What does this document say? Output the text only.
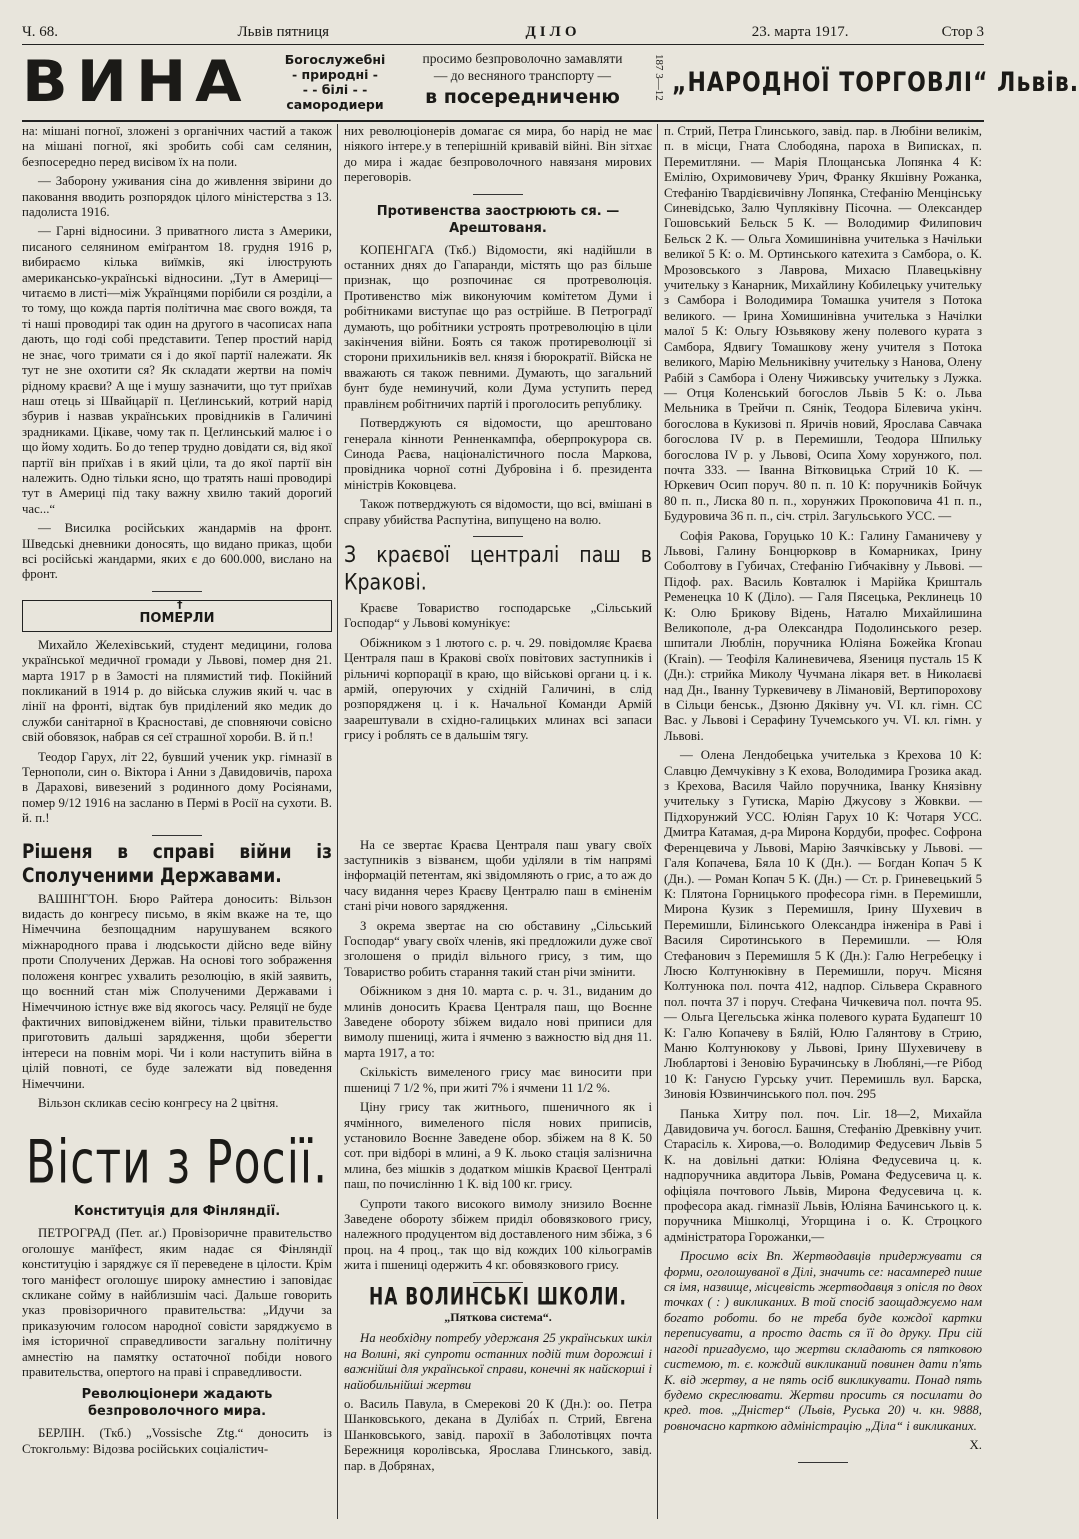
Ч. 68.	Львів пятниця	ДІЛО	23. марта 1917.	Стор 3
ВИНА	Богослужебні
- природні -
- - білі - -
самородиери
просимо безпроволочно замавляти
— до весняного транспорту —
в посередниченю	187 3—12 „НАРОДНОЇ ТОРГОВЛІ“ Львів.

на: мішані погної, зложені з органічних частий а також на мішані погної, які зробить собі сам селянин, безпосередно перед висівом їх на поли.

— Заборону уживания сіна до живлення звірини до паковання вводить розпорядок цілого міністерства з 13. падолиста 1916.

— Гарні відносини. З приватного листа з Америки, писаного селянином еміґрантом 18. грудня 1916 р, вибираємо кілька виїмків, які ілюструють американсько-українські відносини. „Тут в Америці—читаємо в листі—між Українцями порібили ся розділи, а то тому, що кожда партія політична має свого вождя, та ті наші проводирі так один на другого в часописах напа дають, що годі собі представити. Тепер простий нарід не знає, чого тримати ся і до якої партії належати. Як тут не зне охотити ся? Як складати жертви на поміч рідному краєви? А ще і мушу зазначити, що тут приїхав наш отець зі Швайцарії п. Цеґлинський, котрий нарід збурив і назвав українських провідників в Галичині зрадниками. Цікаве, чому так п. Цеґлинський малює і о що йому ходить. Бо до тепер трудно довідати ся, від якої партії він приїхав і в який ціли, та до якої партії він належить. Одно тільки ясно, що тратять наші проводирі тут в Америці під таку важну хвилю такий дорогий час...“

— Висилка російських жандармів на фронт. Шведські дневники доносять, що видано приказ, щоби всі російські жандарми, яких є до 600.000, вислано на фронт.

†
ПОМЕРЛИ

Михайло Желехівський, студент медицини, голова української медичної громади у Львові, помер дня 21. марта 1917 р в Замості на плямистий тиф. Покійний покликаний в 1914 р. до війська служив який ч. час в лінії на фронті, відтак був приділений яко медик до служби санітарної в Красноставі, де сповняючи совісно свій обовязок, набрав ся сеї страшної хороби. В. й п.!

Теодор Гарух, літ 22, бувший ученик укр. гімназії в Тернополи, син о. Віктора і Анни з Давидовичів, пароха в Дарахові, вивезений з родинного дому Росіянами, помер 9/12 1916 на засланю в Пермі в Росії на сухоти. В. й. п.!

Рішеня в справі війни із Сполученими Державами.

ВАШІНГТОН. Бюро Райтера доносить: Вільзон видасть до конгресу письмо, в якім вкаже на те, що Німеччина безпощадним нарушуванем всякого міжнародного права і людськости дійсно веде війну проти Сполучених Держав. На основі того зображення положеня конгрес ухвалить резолюцію, в якій заявить, що воєнний стан між Сполученими Державами і Німеччиною істнує вже від якогось часу. Реляції не буде фактичних виповідженем війни, тільки правительство приготовить дальші зарядження, щоби зберегти інтереси на повнім морі. Чи і коли наступить війна в цілій повноті, се буде залежати від поведення Німеччини.

Вільзон скликав сесію конгресу на 2 цвітня.

Вісти з Росії.
Конституція для Фінляндії.

ПЕТРОГРАД (Пет. аґ.) Провізоричне правительство оголошує манїфест, яким надає ся Фінляндії конституцію і заряджує ся її переведене в цілости. Крім того маніфест оголошує широку амнестию і заповідає скликане сойму в найблизшім часі. Дальше говорить указ провізоричного правительства: „Идучи за приказуючим голосом народної совісти заряджуємо в імя історичної справедливости загальну політичну амнестію на памятку остаточної побіди нового правительства, опертого на праві і справедливости.

Революціонери жадають безпроволочного мира.

БЕРЛІН. (Ткб.) „Vossische Ztg.“ доносить із Стокгольму: Відозва російських соціалістич-

них революціонерів домагає ся мира, бо нарід не має ніякого інтере.у в теперішній кривавій війні. Він зітхає до мира і жадає безпроволочного навязаня мирових переговорів.

Противенства заострюють ся. — Арештованя.

КОПЕНГАГА (Ткб.) Відомости, які надійшли в останних днях до Гапаранди, містять що раз більше признак, що розпочинає ся протреволюція. Противенство між виконуючим комітетом Думи і робітниками виступає що раз острійше. В Петроградї думають, що робітники устроять протреволюцію в ціли закінчения війни. Боять ся також протиреволюції зі сторони прихильників вел. князя і бюрократії. Війска не вважають ся також певними. Думають, що загальний бунт буде неминучий, коли Дума уступить перед правлінєм робітничих партій і проголосить републику.

Потверджують ся відомости, що арештовано генерала кінноти Ренненкампфа, оберпрокурора св. Синода Раєва, націоналістичного посла Маркова, провідника чорної сотні Дубровіна і б. президента міністрів Коковцева.

Також потверджують ся відомости, що всі, вмішані в справу убийства Распутіна, випущено на волю.

З краєвої централі паш в Кракові.

Краєве Товариство господарське „Сільський Господар“ у Львові комунікує:

Обіжником з 1 лютого с. р. ч. 29. повідомляє Краєва Централя паш в Кракові своїх повітових заступників і рільничі корпорації в краю, що військові органи ц. і к. армій, оперуючих у східній Галичині, в слід розпорядженя ц. і к. Начальної Команди Армій заарештували в східно-галицьких млинах всі запаси гриcу і роблять се в дальшім тягу.

На се звертає Краєва Централя паш увагу своїх заступників з візванєм, щоби уділяли в тім напрямі інформацій петентам, які звідомляють о грис, а то аж до часу видання через Краєву Централю паш в єміненім стані річи нового зарядження.

З окрема звертає на сю обставину „Сільський Господар“ увагу своїх членів, які предложили дуже свої зголошеня о приділ вільного грису, з тим, що Товариство робить старання такий стан річи змінити.

Обіжником з дня 10. марта с. р. ч. 31., виданим до млинів доносить Краєва Централя паш, що Воєнне Заведене обороту збіжем видало нові приписи для вимолу пшениці, жита і ячменю з важностю від дня 11. марта 1917, а то:

Скількість вимеленого грису має виносити при пшениці 7 1/2 %, при житі 7% і ячмени 11 1/2 %.

Ціну грису так житнього, пшеничного як і ячмінного, вимеленого після нових приписів, установило Воєнне Заведене обор. збіжем на 8 К. 50 сот. при відборі в млині, а 9 К. льоко стація залізнична млина, без мішків з додатком мішків Краєвої Централі паш, по почислінню 1 К. від 100 кг. грису.

Супроти такого високого вимолу знизило Воєнне Заведене обороту збіжем приділ обовязкового грису, належного продуцентом від доставленого ним збіжа, з 6 проц. на 4 проц., так що від кождих 100 кільограмів жита і пшениці одержить 4 кг. обовязкового грису.

НА ВОЛИНСЬКІ ШКОЛИ.
„Пяткова система“.

На необхідну потребу удержаня 25 українських шкіл на Волині, які супроти останних подій тим дорожші і важнійші для української справи, конечні як найскорші і найобильнійші жертви

о. Василь Павула, в Смерекові 20 К (Дн.): оо. Петра Шанковського, декана в Дуліба́х п. Стрий, Евгена Шанковського, завід. парохії в Заболотівцях почта Бережниця королівська, Ярослава Глинського, завід. пар. в Добрянах,

п. Стрий, Петра Глинського, завід. пар. в Любіни великім, п. в місци, Гната Слободяна, пароха в Виписках, п. Перемитляни. — Марія Площанська Лопянка 4 К: Емілію, Охримовичеву Урич, Франку Якшівну Рожанка, Стефанію Твардієвичівну Лопянка, Стефанію Менцінську Синевідсько, Залю Чупляківну Пісочна. — Олександер Гошовський Бельск 5 К. — Володимир Филипович Бельск 2 К. — Ольга Хомишинівна учителька з Начільки великої 5 К: о. М. Ортинського катехита з Самбора, о. К. Мрозовського з Лаврова, Михасю Плавецьківну учительку з Канарник, Михайлину Кобилецьку учительку з Самбора і Володимира Томашка учителя з Потока великого. — Ірина Хомишинівна учителька з Начілки малої 5 К: Ольгу Юзьвяковy жену полевого курата з Самбора, Ядвигу Томашкову жену учителя з Потока великого, Марію Мельниківну учительку з Нанова, Олену Рабій з Самбора і Олену Чиживську учительку з Лужка. — Отця Коленський богослов Львів 5 К: о. Льва Мельника в Трейчи п. Сянік, Теодора Білевича укінч. богослова в Кукизові п. Яричів новий, Ярослава Савчака богослова IV р. в Перемишли, Теодора Шпильку богослова IV р. у Львові, Осипа Хому хорунжого, пол. почта 333. — Іванна Вітковицька Стрий 10 К. — Юркевич Осип поруч. 80 п. п. 10 К: поручників Бойчук 80 п. п., Лиска 80 п. п., хорунжих Прокоповича 41 п. п., Будуровича 36 п. п., січ. стріл. Загульського УСС. —

Софія Ракова, Горуцько 10 К.: Галину Гаманичеву у Львові, Галину Бонцюрковр в Комарниках, Ірину Соболтову в Губичах, Стефанію Гибчаківну у Львові. — Підоф. рах. Василь Ковталюк і Марійка Кришталь Ременецка 10 К (Діло). — Галя Пясецька, Реклинець 10 К: Олю Брикову Відень, Наталю Михайлишина Великополе, д-ра Олександра Подолинського резер. шпитали Люблін, поручника Юліяна Божейка Кronau (Krain). — Теофіля Калиневичева, Язениця пусталь 15 К (Дн.): стрийка Миколу Чучмана лікаря вет. в Николаєві над Дн., Іванну Туркевичеву в Лімановій, Вертипорохову в Сільци бенськ., Дзюню Дякiвну уч. VI. кл. гімн. СС Вас. у Львові і Серафину Тучемського уч. VI. кл. гімн. у Львові.

— Олена Лендобецька учителька з Крехова 10 К: Славцю Демчуківну з К ехова, Володимира Грозика акад. з Крехова, Василя Чайло поручника, Іванку Князівну учительку з Гутиска, Марію Джусову з Жовкви. — Підхорунжий УСС. Юліян Гарух 10 К: Чотаря УСС. Дмитра Катамая, д-ра Мирона Кордуби, профес. Софрона Ференцевича у Львові, Марію Заячківську у Львові. — Галя Копачева, Бяла 10 К (Дн.). — Богдан Копач 5 К (Дн.). — Роман Копач 5 К. (Дн.) — Ст. р. Гриневецький 5 К: Плятона Горницького професора гімн. в Перемишли, Мирона Кузик з Перемишля, Ірину Шухевич в Перемишли, Білинського Олександра інженіра в Раві і Василя Сиротинського в Перемишли. — Юля Стефанович з Перемишля 5 К (Дн.): Галю Негребецку і Люсю Колтунюківну в Перемишли, поруч. Місяня Колтунюка пол. почта 412, надпор. Сільвера Скравного пол. почта 37 і поруч. Стефана Чичкевича пол. почта 95. — Ольга Цегельська жінка полевого курата Будапешт 10 К: Галю Копачеву в Бялій, Юлю Галянтову в Стрию, Маню Колтунюкову у Львові, Ірину Шухевичеву в Люблартові і Зеновію Бурачинську в Любляні,—ге Рібод 10 К: Ганусю Гурську учит. Перемишль вул. Барска, Зиновія Юзвинчинського пол. поч. 295

Панька Хитру пол. поч. Lir. 18—2, Михайла Давидовича уч. богосл. Башня, Стефанію Древківну учит. Старасіль к. Хирова,—о. Володимир Федусевич Львів 5 К. на довільні датки: Юліяна Федусевича ц. к. надпоручника авдитора Львів, Романа Федусевича ц. к. офіціяла почтового Львів, Мирона Федусевича ц. к. професора акад. гімназії Львів, Юліяна Бачинського ц. к. поручника Мішколці, Угорщина і о. К. Строцкого адміністратора Горожанки,—

Просимо всіх Вп. Жертводавців придержувати ся форми, оголошуваної в Ділі, значить се: насамперед пише ся імя, назвище, місцевість жертводавця з опісля по двох точках ( : ) викликаних. В той спосіб заощаджуємо нам богато роботи. бо не треба буде кождої картки переписувати, а просто дасть ся її до друку. При сій нагоді пригадуємо, що жертви складають ся пятковою системою, т. є. кождий викликаний повинен дати п'ять К. від жертву, а не пять осіб викликувати. Понад пять будемо скреслювати. Жертви просить ся посилати до кред. тов. „Дністер“ (Львів, Руська 20) ч. кн. 9888, ровночасно карткою адміністрацію „Діла“ і викликаних.

Х.
